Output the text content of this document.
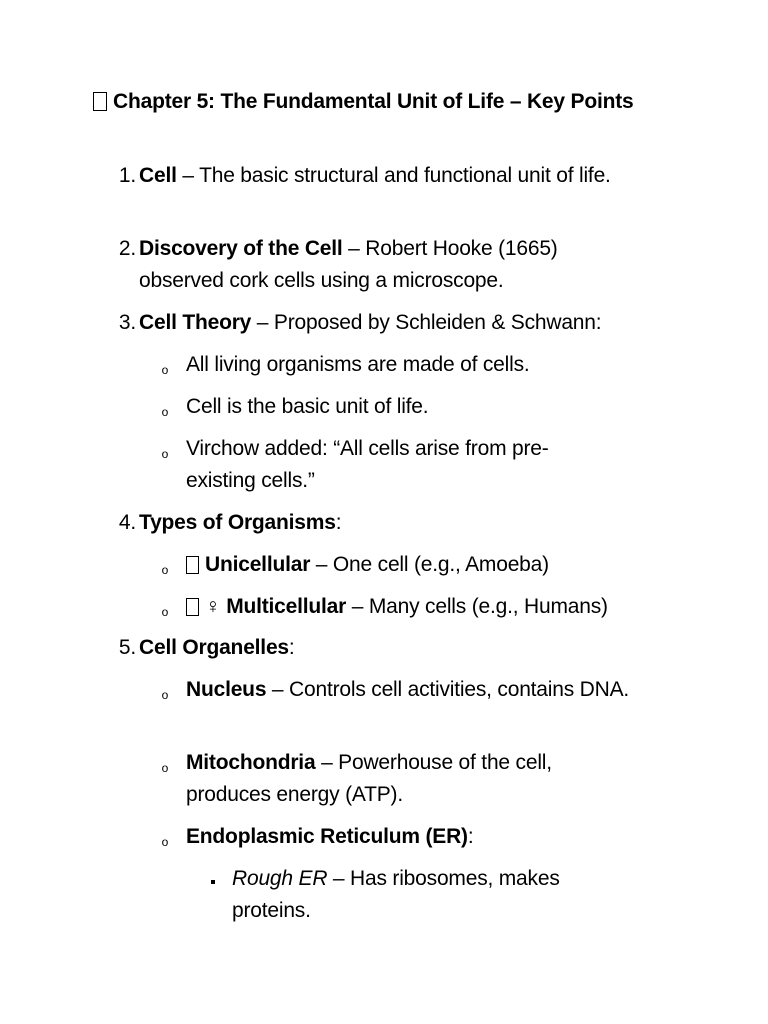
Chapter 5: The Fundamental Unit of Life – Key Points
1. Cell – The basic structural and functional unit of life.
2. Discovery of the Cell – Robert Hooke (1665) observed cork cells using a microscope.
3. Cell Theory – Proposed by Schleiden & Schwann:
o All living organisms are made of cells.
o Cell is the basic unit of life.
o Virchow added: “All cells arise from pre-existing cells.”
4. Types of Organisms:
o	Unicellular – One cell (e.g., Amoeba)
o	♀ Multicellular – Many cells (e.g., Humans)
5. Cell Organelles:
o Nucleus – Controls cell activities, contains DNA.
o Mitochondria – Powerhouse of the cell, produces energy (ATP).
o Endoplasmic Reticulum (ER):
Rough ER – Has ribosomes, makes proteins.
